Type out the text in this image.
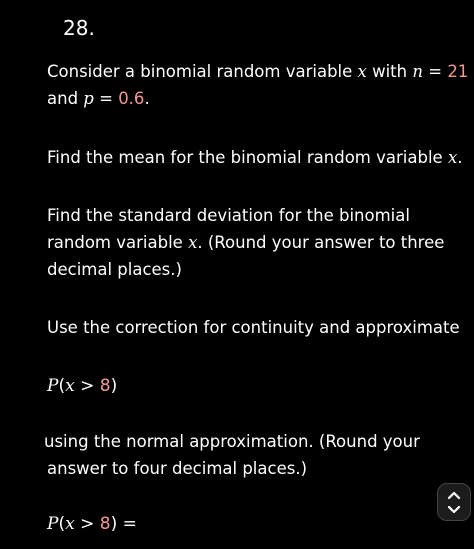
28.
Consider a binomial random variable x with n = 21
and p = 0.6.
Find the mean for the binomial random variable x.
Find the standard deviation for the binomial
random variable x. (Round your answer to three
decimal places.)
Use the correction for continuity and approximate
P(x > 8)
using the normal approximation. (Round your
answer to four decimal places.)
P(x > 8) =
